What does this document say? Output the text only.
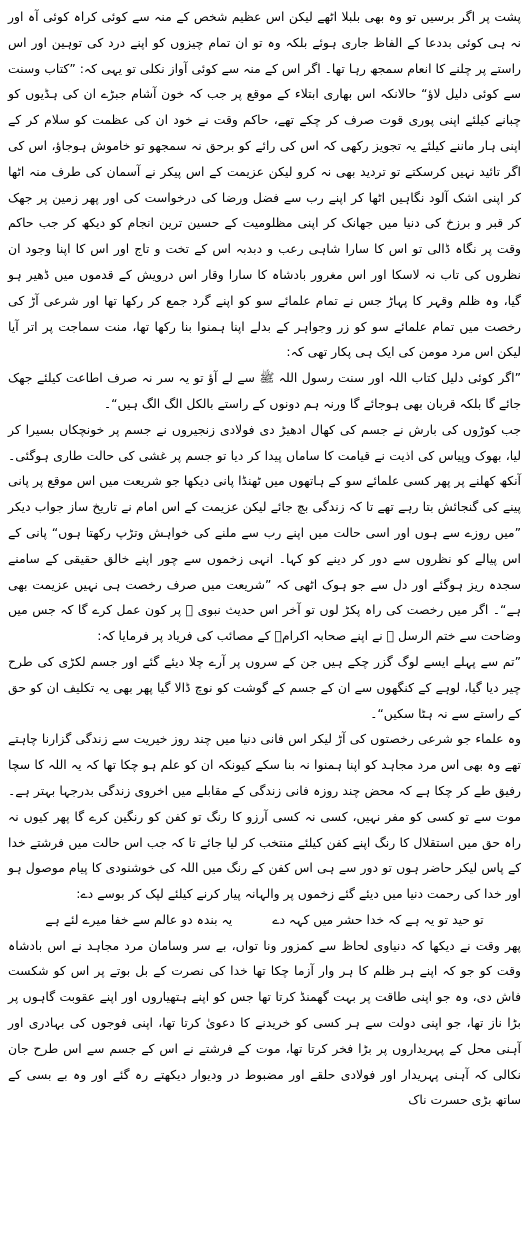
پشت پر اگر برسیں تو وہ بھی بلبلا اٹھے لیکن اس عظیم شخص کے منہ سے کوئی کراہ کوئی آہ اور نہ ہی کوئی بددعا کے الفاظ جاری ہوئے بلکہ وہ تو ان تمام چیزوں کو اپنے درد کی توہین اور اس راستے پر چلنے کا انعام سمجھ رہا تھا۔ اگر اس کے منہ سے کوئی آواز نکلی تو یہی کہ: ”کتاب وسنت سے کوئی دلیل لاؤ“ حالانکہ اس بھاری ابتلاء کے موقع پر جب کہ خون آشام جبڑے ان کی ہڈیوں کو چبانے کیلئے اپنی پوری قوت صرف کر چکے تھے، حاکم وقت نے خود ان کی عظمت کو سلام کر کے اپنی ہار ماننے کیلئے یہ تجویز رکھی کہ اس کی رائے کو برحق نہ سمجھو تو خاموش ہوجاؤ، اس کی اگر تائید نہیں کرسکتے تو تردید بھی نہ کرو لیکن عزیمت کے اس پیکر نے آسمان کی طرف منہ اٹھا کر اپنی اشک آلود نگاہیں اٹھا کر اپنے رب سے فضل ورضا کی درخواست کی اور پھر زمین پر جھک کر قبر و برزخ کی دنیا میں جھانک کر اپنی مظلومیت کے حسین ترین انجام کو دیکھ کر جب حاکم وقت پر نگاہ ڈالی تو اس کا سارا شاہی رعب و دبدبہ اس کے تخت و تاج اور اس کا اپنا وجود ان نظروں کی تاب نہ لاسکا اور اس مغرور بادشاہ کا سارا وقار اس درویش کے قدموں میں ڈھیر ہو گیا، وہ ظلم وقہر کا پہاڑ جس نے تمام علمائے سو کو اپنے گرد جمع کر رکھا تھا اور شرعی آڑ کی رخصت میں تمام علمائے سو کو زر وجواہر کے بدلے اپنا ہمنوا بنا رکھا تھا، منت سماجت پر اتر آیا لیکن اس مرد مومن کی ایک ہی پکار تھی کہ:

”اگر کوئی دلیل کتاب اللہ اور سنت رسول اللہ ﷺ سے لے آؤ تو یہ سر نہ صرف اطاعت کیلئے جھک جائے گا بلکہ قربان بھی ہوجائے گا ورنہ ہم دونوں کے راستے بالکل الگ الگ ہیں“۔

جب کوڑوں کی بارش نے جسم کی کھال ادھیڑ دی فولادی زنجیروں نے جسم پر خونچکاں بسیرا کر لیا، بھوک وپیاس کی اذیت نے قیامت کا ساماں پیدا کر دیا تو جسم پر غشی کی حالت طاری ہوگئی۔ آنکھ کھلنے پر پھر کسی علمائے سو کے ہاتھوں میں ٹھنڈا پانی دیکھا جو شریعت میں اس موقع پر پانی پینے کی گنجائش بتا رہے تھے تا کہ زندگی بچ جائے لیکن عزیمت کے اس امام نے تاریخ ساز جواب دیکر ”میں روزے سے ہوں اور اسی حالت میں اپنے رب سے ملنے کی خواہش وتڑپ رکھتا ہوں“ پانی کے اس پیالے کو نظروں سے دور کر دینے کو کہا۔ انہی زخموں سے چور اپنے خالق حقیقی کے سامنے سجدہ ریز ہوگئے اور دل سے جو ہوک اٹھی کہ ”شریعت میں صرف رخصت ہی نہیں عزیمت بھی ہے“۔ اگر میں رخصت کی راہ پکڑ لوں تو آخر اس حدیث نبوی ﷺ پر کون عمل کرے گا کہ جس میں وضاحت سے ختم الرسل ﷺ نے اپنے صحابہ اکرامؓ کے مصائب کی فریاد پر فرمایا کہ:

”تم سے پہلے ایسے لوگ گزر چکے ہیں جن کے سروں پر آرے چلا دیئے گئے اور جسم لکڑی کی طرح چیر دیا گیا، لوہے کے کنگھوں سے ان کے جسم کے گوشت کو نوچ ڈالا گیا پھر بھی یہ تکلیف ان کو حق کے راستے سے نہ ہٹا سکیں“۔

وہ علماء جو شرعی رخصتوں کی آڑ لیکر اس فانی دنیا میں چند روز خیریت سے زندگی گزارنا چاہتے تھے وہ بھی اس مرد مجاہد کو اپنا ہمنوا نہ بنا سکے کیونکہ ان کو علم ہو چکا تھا کہ یہ اللہ کا سچا رفیق طے کر چکا ہے کہ محض چند روزہ فانی زندگی کے مقابلے میں اخروی زندگی بدرجہا بہتر ہے۔ موت سے تو کسی کو مفر نہیں، کسی نہ کسی آرزو کا رنگ تو کفن کو رنگین کرے گا پھر کیوں نہ راہ حق میں استقلال کا رنگ اپنے کفن کیلئے منتخب کر لیا جائے تا کہ جب اس حالت میں فرشتے خدا کے پاس لیکر حاضر ہوں تو دور سے ہی اس کفن کے رنگ میں اللہ کی خوشنودی کا پیام موصول ہو اور خدا کی رحمت دنیا میں دیئے گئے زخموں پر والہانہ پیار کرنے کیلئے لپک کر بوسے دے:

تو حید تو یہ ہے کہ خدا حشر میں کہہ دے
یہ بندہ دو عالم سے خفا میرے لئے ہے

پھر وقت نے دیکھا کہ دنیاوی لحاظ سے کمزور ونا تواں، بے سر وسامان مرد مجاہد نے اس بادشاہ وقت کو جو کہ اپنے ہر ظلم کا ہر وار آزما چکا تھا خدا کی نصرت کے بل بوتے پر اس کو شکست فاش دی، وہ جو اپنی طاقت پر بہت گھمنڈ کرتا تھا جس کو اپنے ہتھیاروں اور اپنے عقوبت گاہوں پر بڑا ناز تھا، جو اپنی دولت سے ہر کسی کو خریدنے کا دعویٰ کرتا تھا، اپنی فوجوں کی بہادری اور آہنی محل کے پہریداروں پر بڑا فخر کرتا تھا، موت کے فرشتے نے اس کے جسم سے اس طرح جان نکالی کہ آہنی پہریدار اور فولادی حلقے اور مضبوط در ودیوار دیکھتے رہ گئے اور وہ بے بسی کے ساتھ بڑی حسرت ناک
